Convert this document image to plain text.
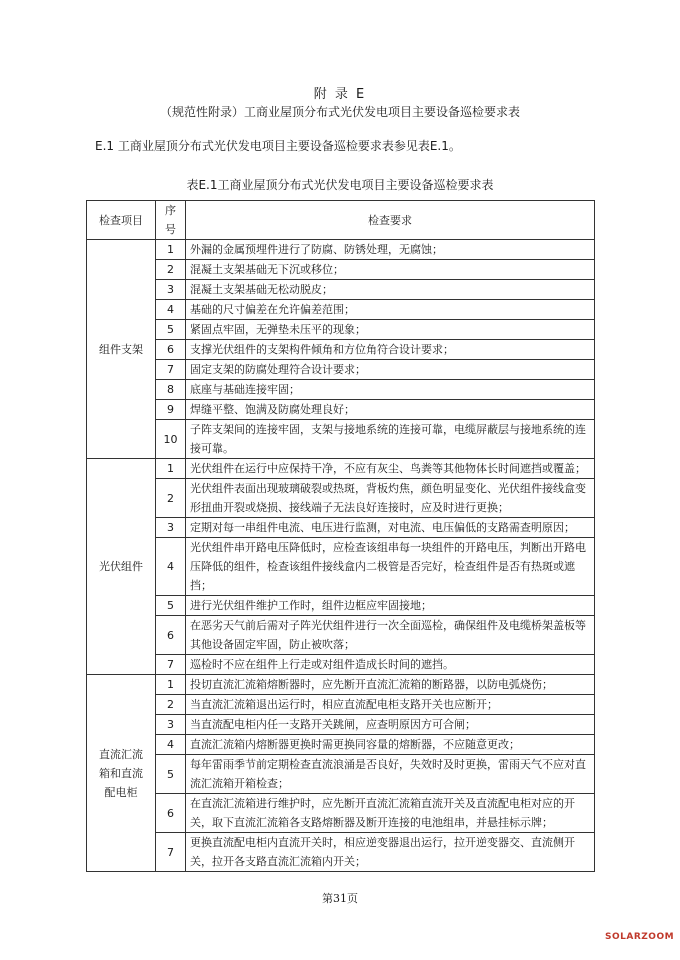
附 录 E
（规范性附录）工商业屋顶分布式光伏发电项目主要设备巡检要求表
E.1 工商业屋顶分布式光伏发电项目主要设备巡检要求表参见表E.1。
表E.1工商业屋顶分布式光伏发电项目主要设备巡检要求表
检查项目	序号	检查要求
组件支架	1	外漏的金属预埋件进行了防腐、防锈处理，无腐蚀；
	2	混凝土支架基础无下沉或移位；
	3	混凝土支架基础无松动脱皮；
	4	基础的尺寸偏差在允许偏差范围；
	5	紧固点牢固，无弹垫未压平的现象；
	6	支撑光伏组件的支架构件倾角和方位角符合设计要求；
	7	固定支架的防腐处理符合设计要求；
	8	底座与基础连接牢固；
	9	焊缝平整、饱满及防腐处理良好；
	10	子阵支架间的连接牢固，支架与接地系统的连接可靠，电缆屏蔽层与接地系统的连接可靠。
光伏组件	1	光伏组件在运行中应保持干净，不应有灰尘、鸟粪等其他物体长时间遮挡或覆盖；
	2	光伏组件表面出现玻璃破裂或热斑，背板灼焦，颜色明显变化、光伏组件接线盒变形扭曲开裂或烧损、接线端子无法良好连接时，应及时进行更换；
	3	定期对每一串组件电流、电压进行监测，对电流、电压偏低的支路需查明原因；
	4	光伏组件串开路电压降低时，应检查该组串每一块组件的开路电压，判断出开路电压降低的组件，检查该组件接线盒内二极管是否完好，检查组件是否有热斑或遮挡；
	5	进行光伏组件维护工作时，组件边框应牢固接地；
	6	在恶劣天气前后需对子阵光伏组件进行一次全面巡检，确保组件及电缆桥架盖板等其他设备固定牢固，防止被吹落；
	7	巡检时不应在组件上行走或对组件造成长时间的遮挡。
直流汇流箱和直流配电柜	1	投切直流汇流箱熔断器时，应先断开直流汇流箱的断路器，以防电弧烧伤；
	2	当直流汇流箱退出运行时，相应直流配电柜支路开关也应断开；
	3	当直流配电柜内任一支路开关跳闸，应查明原因方可合闸；
	4	直流汇流箱内熔断器更换时需更换同容量的熔断器，不应随意更改；
	5	每年雷雨季节前定期检查直流浪涌是否良好，失效时及时更换，雷雨天气不应对直流汇流箱开箱检查；
	6	在直流汇流箱进行维护时，应先断开直流汇流箱直流开关及直流配电柜对应的开关，取下直流汇流箱各支路熔断器及断开连接的电池组串，并悬挂标示牌；
	7	更换直流配电柜内直流开关时，相应逆变器退出运行，拉开逆变器交、直流侧开关，拉开各支路直流汇流箱内开关；
第31页
SOLARZOOM
